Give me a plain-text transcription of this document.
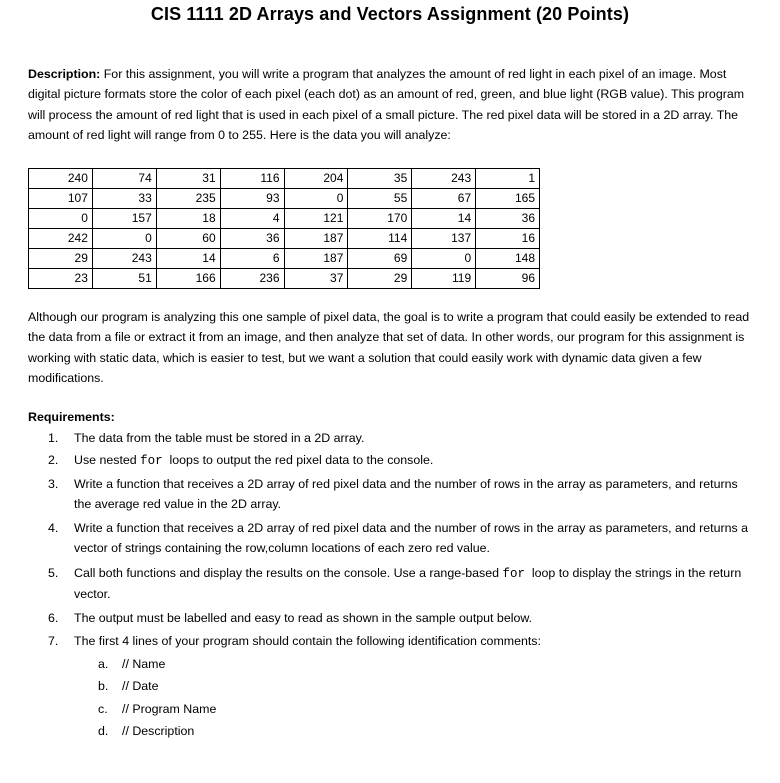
CIS 1111 2D Arrays and Vectors Assignment (20 Points)

Description: For this assignment, you will write a program that analyzes the amount of red light in each pixel of an image. Most digital picture formats store the color of each pixel (each dot) as an amount of red, green, and blue light (RGB value). This program will process the amount of red light that is used in each pixel of a small picture. The red pixel data will be stored in a 2D array. The amount of red light will range from 0 to 255. Here is the data you will analyze:

240	74	31	116	204	35	243	1
107	33	235	93	0	55	67	165
0	157	18	4	121	170	14	36
242	0	60	36	187	114	137	16
29	243	14	6	187	69	0	148
23	51	166	236	37	29	119	96

Although our program is analyzing this one sample of pixel data, the goal is to write a program that could easily be extended to read the data from a file or extract it from an image, and then analyze that set of data. In other words, our program for this assignment is working with static data, which is easier to test, but we want a solution that could easily work with dynamic data given a few modifications.

Requirements:
1. The data from the table must be stored in a 2D array.
2. Use nested for  loops to output the red pixel data to the console.
3. Write a function that receives a 2D array of red pixel data and the number of rows in the array as parameters, and returns the average red value in the 2D array.
4. Write a function that receives a 2D array of red pixel data and the number of rows in the array as parameters, and returns a vector of strings containing the row,column locations of each zero red value.
5. Call both functions and display the results on the console. Use a range-based for  loop to display the strings in the return vector.
6. The output must be labelled and easy to read as shown in the sample output below.
7. The first 4 lines of your program should contain the following identification comments:
a. // Name
b. // Date
c. // Program Name
d. // Description
